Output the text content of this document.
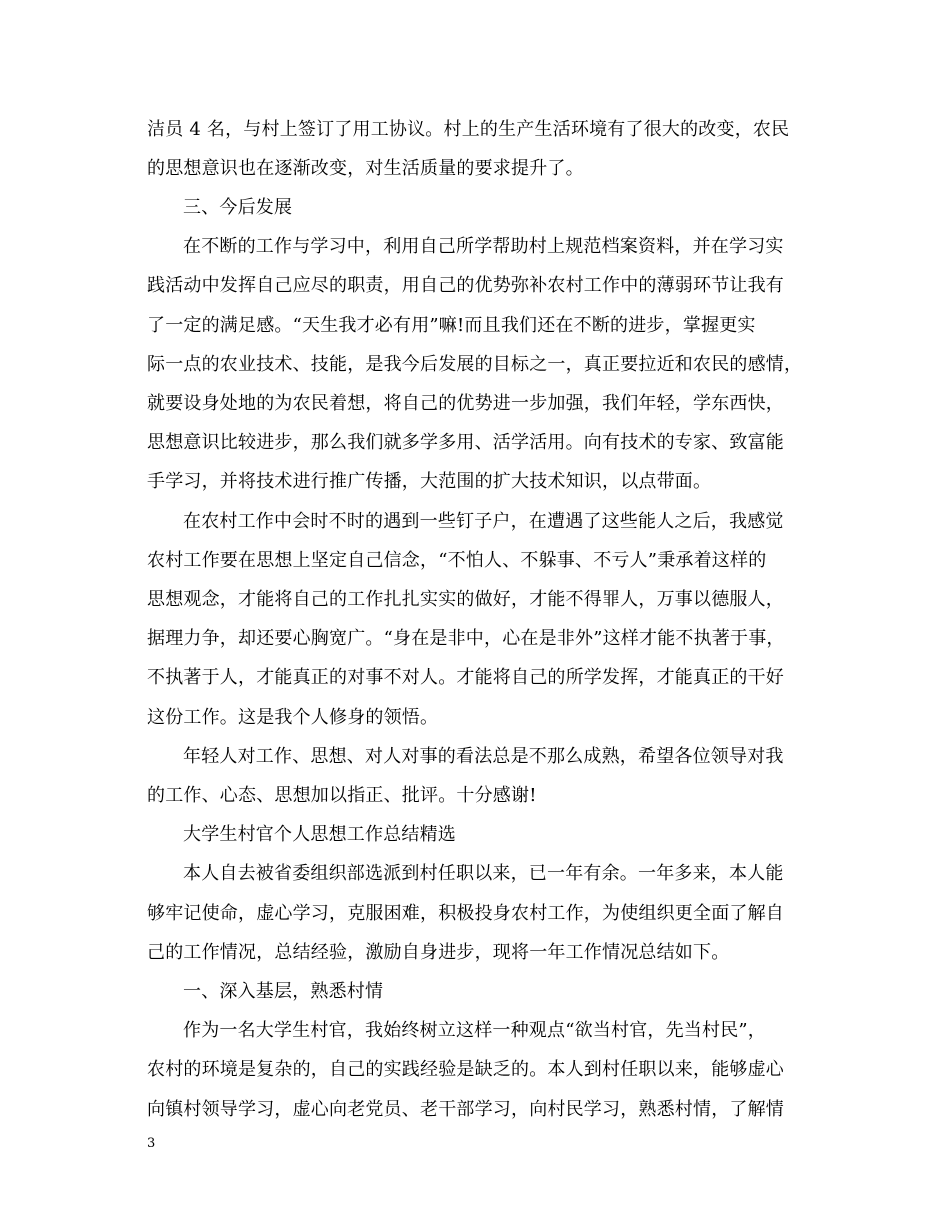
洁员 4 名，与村上签订了用工协议。村上的生产生活环境有了很大的改变，农民
的思想意识也在逐渐改变，对生活质量的要求提升了。
三、今后发展
在不断的工作与学习中，利用自己所学帮助村上规范档案资料，并在学习实
践活动中发挥自己应尽的职责，用自己的优势弥补农村工作中的薄弱环节让我有
了一定的满足感。“天生我才必有用”嘛!而且我们还在不断的进步，掌握更实
际一点的农业技术、技能，是我今后发展的目标之一，真正要拉近和农民的感情，
就要设身处地的为农民着想，将自己的优势进一步加强，我们年轻，学东西快，
思想意识比较进步，那么我们就多学多用、活学活用。向有技术的专家、致富能
手学习，并将技术进行推广传播，大范围的扩大技术知识，以点带面。
在农村工作中会时不时的遇到一些钉子户，在遭遇了这些能人之后，我感觉
农村工作要在思想上坚定自己信念，“不怕人、不躲事、不亏人”秉承着这样的
思想观念，才能将自己的工作扎扎实实的做好，才能不得罪人，万事以德服人，
据理力争，却还要心胸宽广。“身在是非中，心在是非外”这样才能不执著于事，
不执著于人，才能真正的对事不对人。才能将自己的所学发挥，才能真正的干好
这份工作。这是我个人修身的领悟。
年轻人对工作、思想、对人对事的看法总是不那么成熟，希望各位领导对我
的工作、心态、思想加以指正、批评。十分感谢!
大学生村官个人思想工作总结精选
本人自去被省委组织部选派到村任职以来，已一年有余。一年多来，本人能
够牢记使命，虚心学习，克服困难，积极投身农村工作，为使组织更全面了解自
己的工作情况，总结经验，激励自身进步，现将一年工作情况总结如下。
一、深入基层，熟悉村情
作为一名大学生村官，我始终树立这样一种观点“欲当村官，先当村民”，
农村的环境是复杂的，自己的实践经验是缺乏的。本人到村任职以来，能够虚心
向镇村领导学习，虚心向老党员、老干部学习，向村民学习，熟悉村情，了解情
3
